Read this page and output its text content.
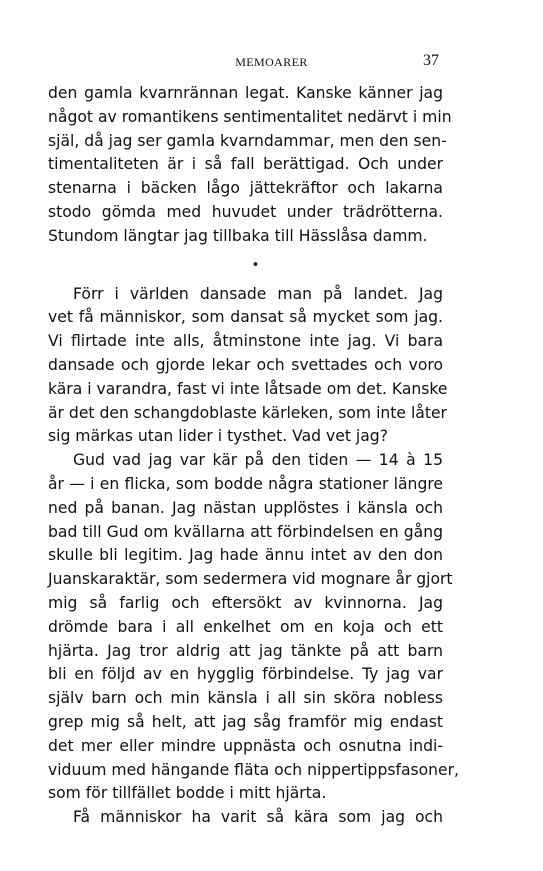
MEMOARER	37
den gamla kvarnrännan legat. Kanske känner jag
något av romantikens sentimentalitet nedärvt i min
själ, då jag ser gamla kvarndammar, men den sen-
timentaliteten är i så fall berättigad. Och under
stenarna i bäcken lågo jättekräftor och lakarna
stodo gömda med huvudet under trädrötterna.
Stundom längtar jag tillbaka till Hässlåsa damm.
•
Förr i världen dansade man på landet. Jag
vet få människor, som dansat så mycket som jag.
Vi flirtade inte alls, åtminstone inte jag. Vi bara
dansade och gjorde lekar och svettades och voro
kära i varandra, fast vi inte låtsade om det. Kanske
är det den schangdoblaste kärleken, som inte låter
sig märkas utan lider i tysthet. Vad vet jag?
Gud vad jag var kär på den tiden — 14 à 15
år — i en flicka, som bodde några stationer längre
ned på banan. Jag nästan upplöstes i känsla och
bad till Gud om kvällarna att förbindelsen en gång
skulle bli legitim. Jag hade ännu intet av den don
Juanskaraktär, som sedermera vid mognare år gjort
mig så farlig och eftersökt av kvinnorna. Jag
drömde bara i all enkelhet om en koja och ett
hjärta. Jag tror aldrig att jag tänkte på att barn
bli en följd av en hygglig förbindelse. Ty jag var
själv barn och min känsla i all sin sköra nobless
grep mig så helt, att jag såg framför mig endast
det mer eller mindre uppnästa och osnutna indi-
viduum med hängande fläta och nippertippsfasoner,
som för tillfället bodde i mitt hjärta.
Få människor ha varit så kära som jag och
